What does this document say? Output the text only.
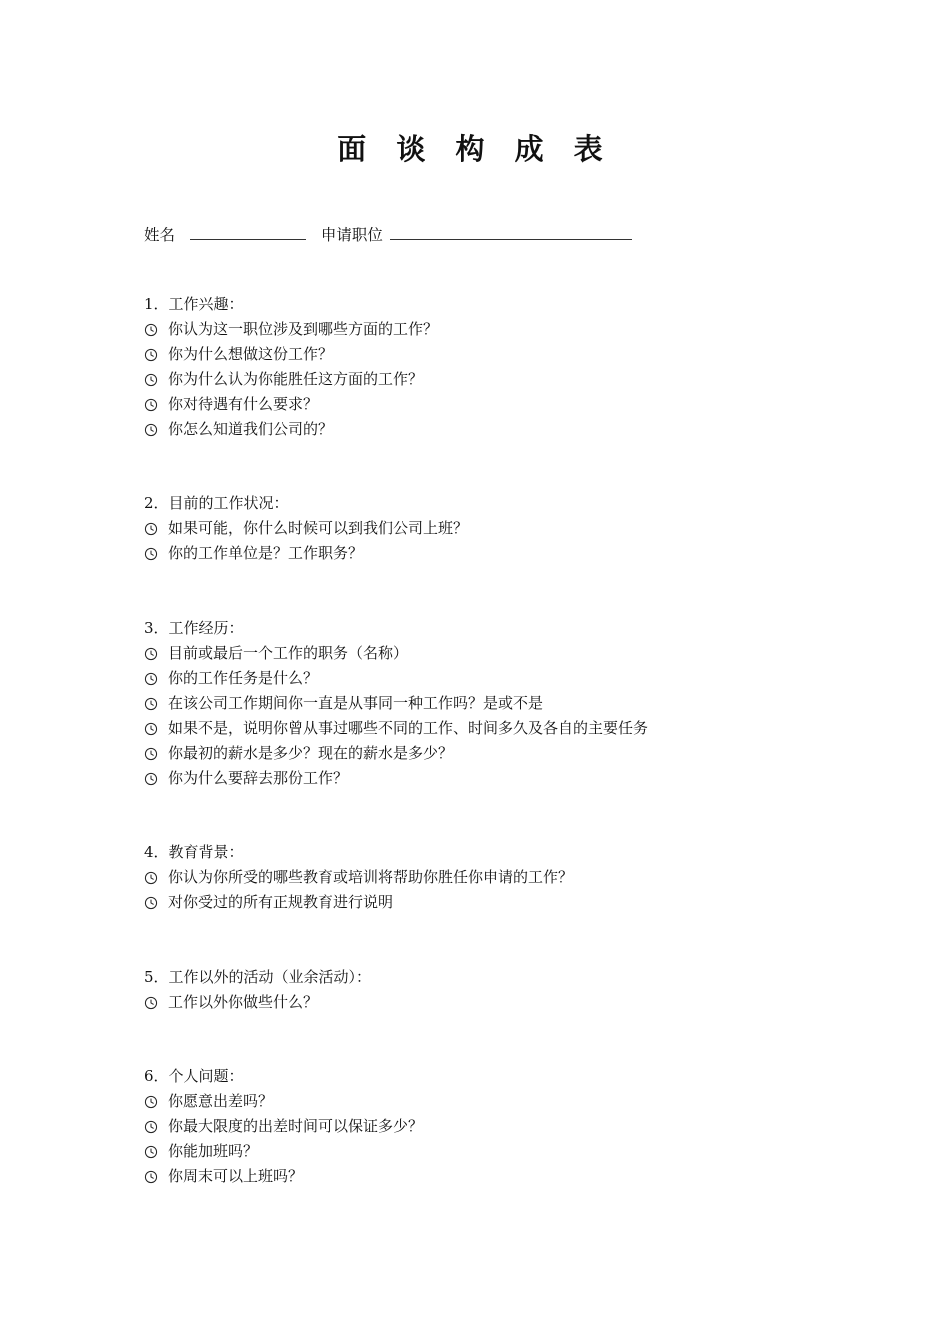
面 谈 构 成 表
姓名	申请职位
1．工作兴趣：
你认为这一职位涉及到哪些方面的工作？
你为什么想做这份工作？
你为什么认为你能胜任这方面的工作？
你对待遇有什么要求？
你怎么知道我们公司的？
2．目前的工作状况：
如果可能，你什么时候可以到我们公司上班？
你的工作单位是？工作职务？
3．工作经历：
目前或最后一个工作的职务（名称）
你的工作任务是什么？
在该公司工作期间你一直是从事同一种工作吗？是或不是
如果不是，说明你曾从事过哪些不同的工作、时间多久及各自的主要任务
你最初的薪水是多少？现在的薪水是多少？
你为什么要辞去那份工作？
4．教育背景：
你认为你所受的哪些教育或培训将帮助你胜任你申请的工作？
对你受过的所有正规教育进行说明
5．工作以外的活动（业余活动）：
工作以外你做些什么？
6．个人问题：
你愿意出差吗？
你最大限度的出差时间可以保证多少？
你能加班吗？
你周末可以上班吗？
